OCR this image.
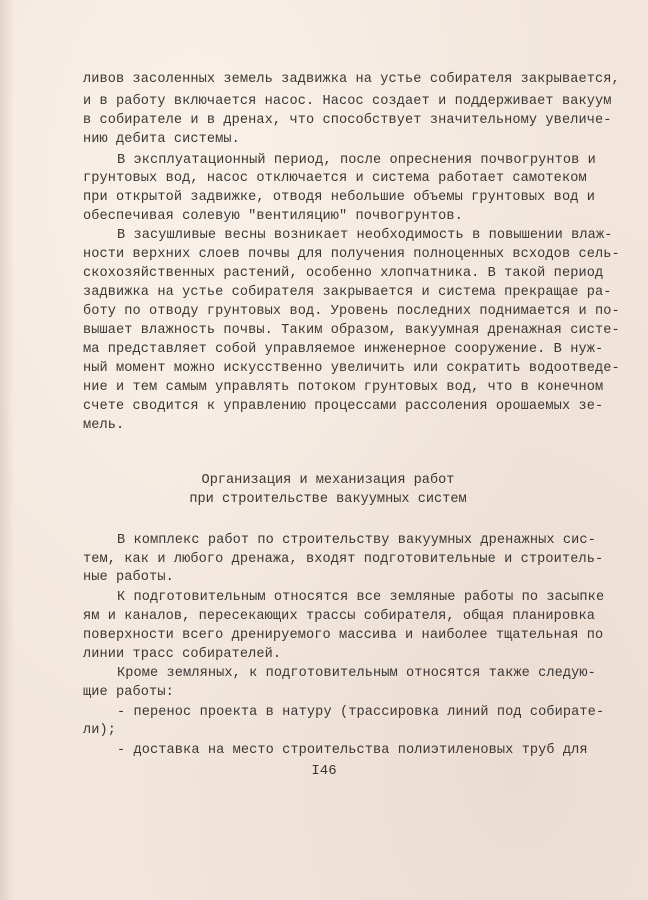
ливов засоленных земель задвижка на устье собирателя закрывается,
и в работу включается насос. Насос создает и поддерживает вакуум
в собирателе и в дренах, что способствует значительному увеличе-
нию дебита системы.
В эксплуатационный период, после опреснения почвогрунтов и
грунтовых вод, насос отключается и система работает самотеком
при открытой задвижке, отводя небольшие объемы грунтовых вод и
обеспечивая солевую "вентиляцию" почвогрунтов.
В засушливые весны возникает необходимость в повышении влаж-
ности верхних слоев почвы для получения полноценных всходов сель-
скохозяйственных растений, особенно хлопчатника. В такой период
задвижка на устье собирателя закрывается и система прекращае ра-
боту по отводу грунтовых вод. Уровень последних поднимается и по-
вышает влажность почвы. Таким образом, вакуумная дренажная систе-
ма представляет собой управляемое инженерное сооружение. В нуж-
ный момент можно искусственно увеличить или сократить водоотведе-
ние и тем самым управлять потоком грунтовых вод, что в конечном
счете сводится к управлению процессами рассоления орошаемых зе-
мель.
Организация и механизация работ
при строительстве вакуумных систем
В комплекс работ по строительству вакуумных дренажных сис-
тем, как и любого дренажа, входят подготовительные и строитель-
ные работы.
К подготовительным относятся все земляные работы по засыпке
ям и каналов, пересекающих трассы собирателя, общая планировка
поверхности всего дренируемого массива и наиболее тщательная по
линии трасс собирателей.
Кроме земляных, к подготовительным относятся также следую-
щие работы:
- перенос проекта в натуру (трассировка линий под собирате-
ли);
- доставка на место строительства полиэтиленовых труб для
I46
